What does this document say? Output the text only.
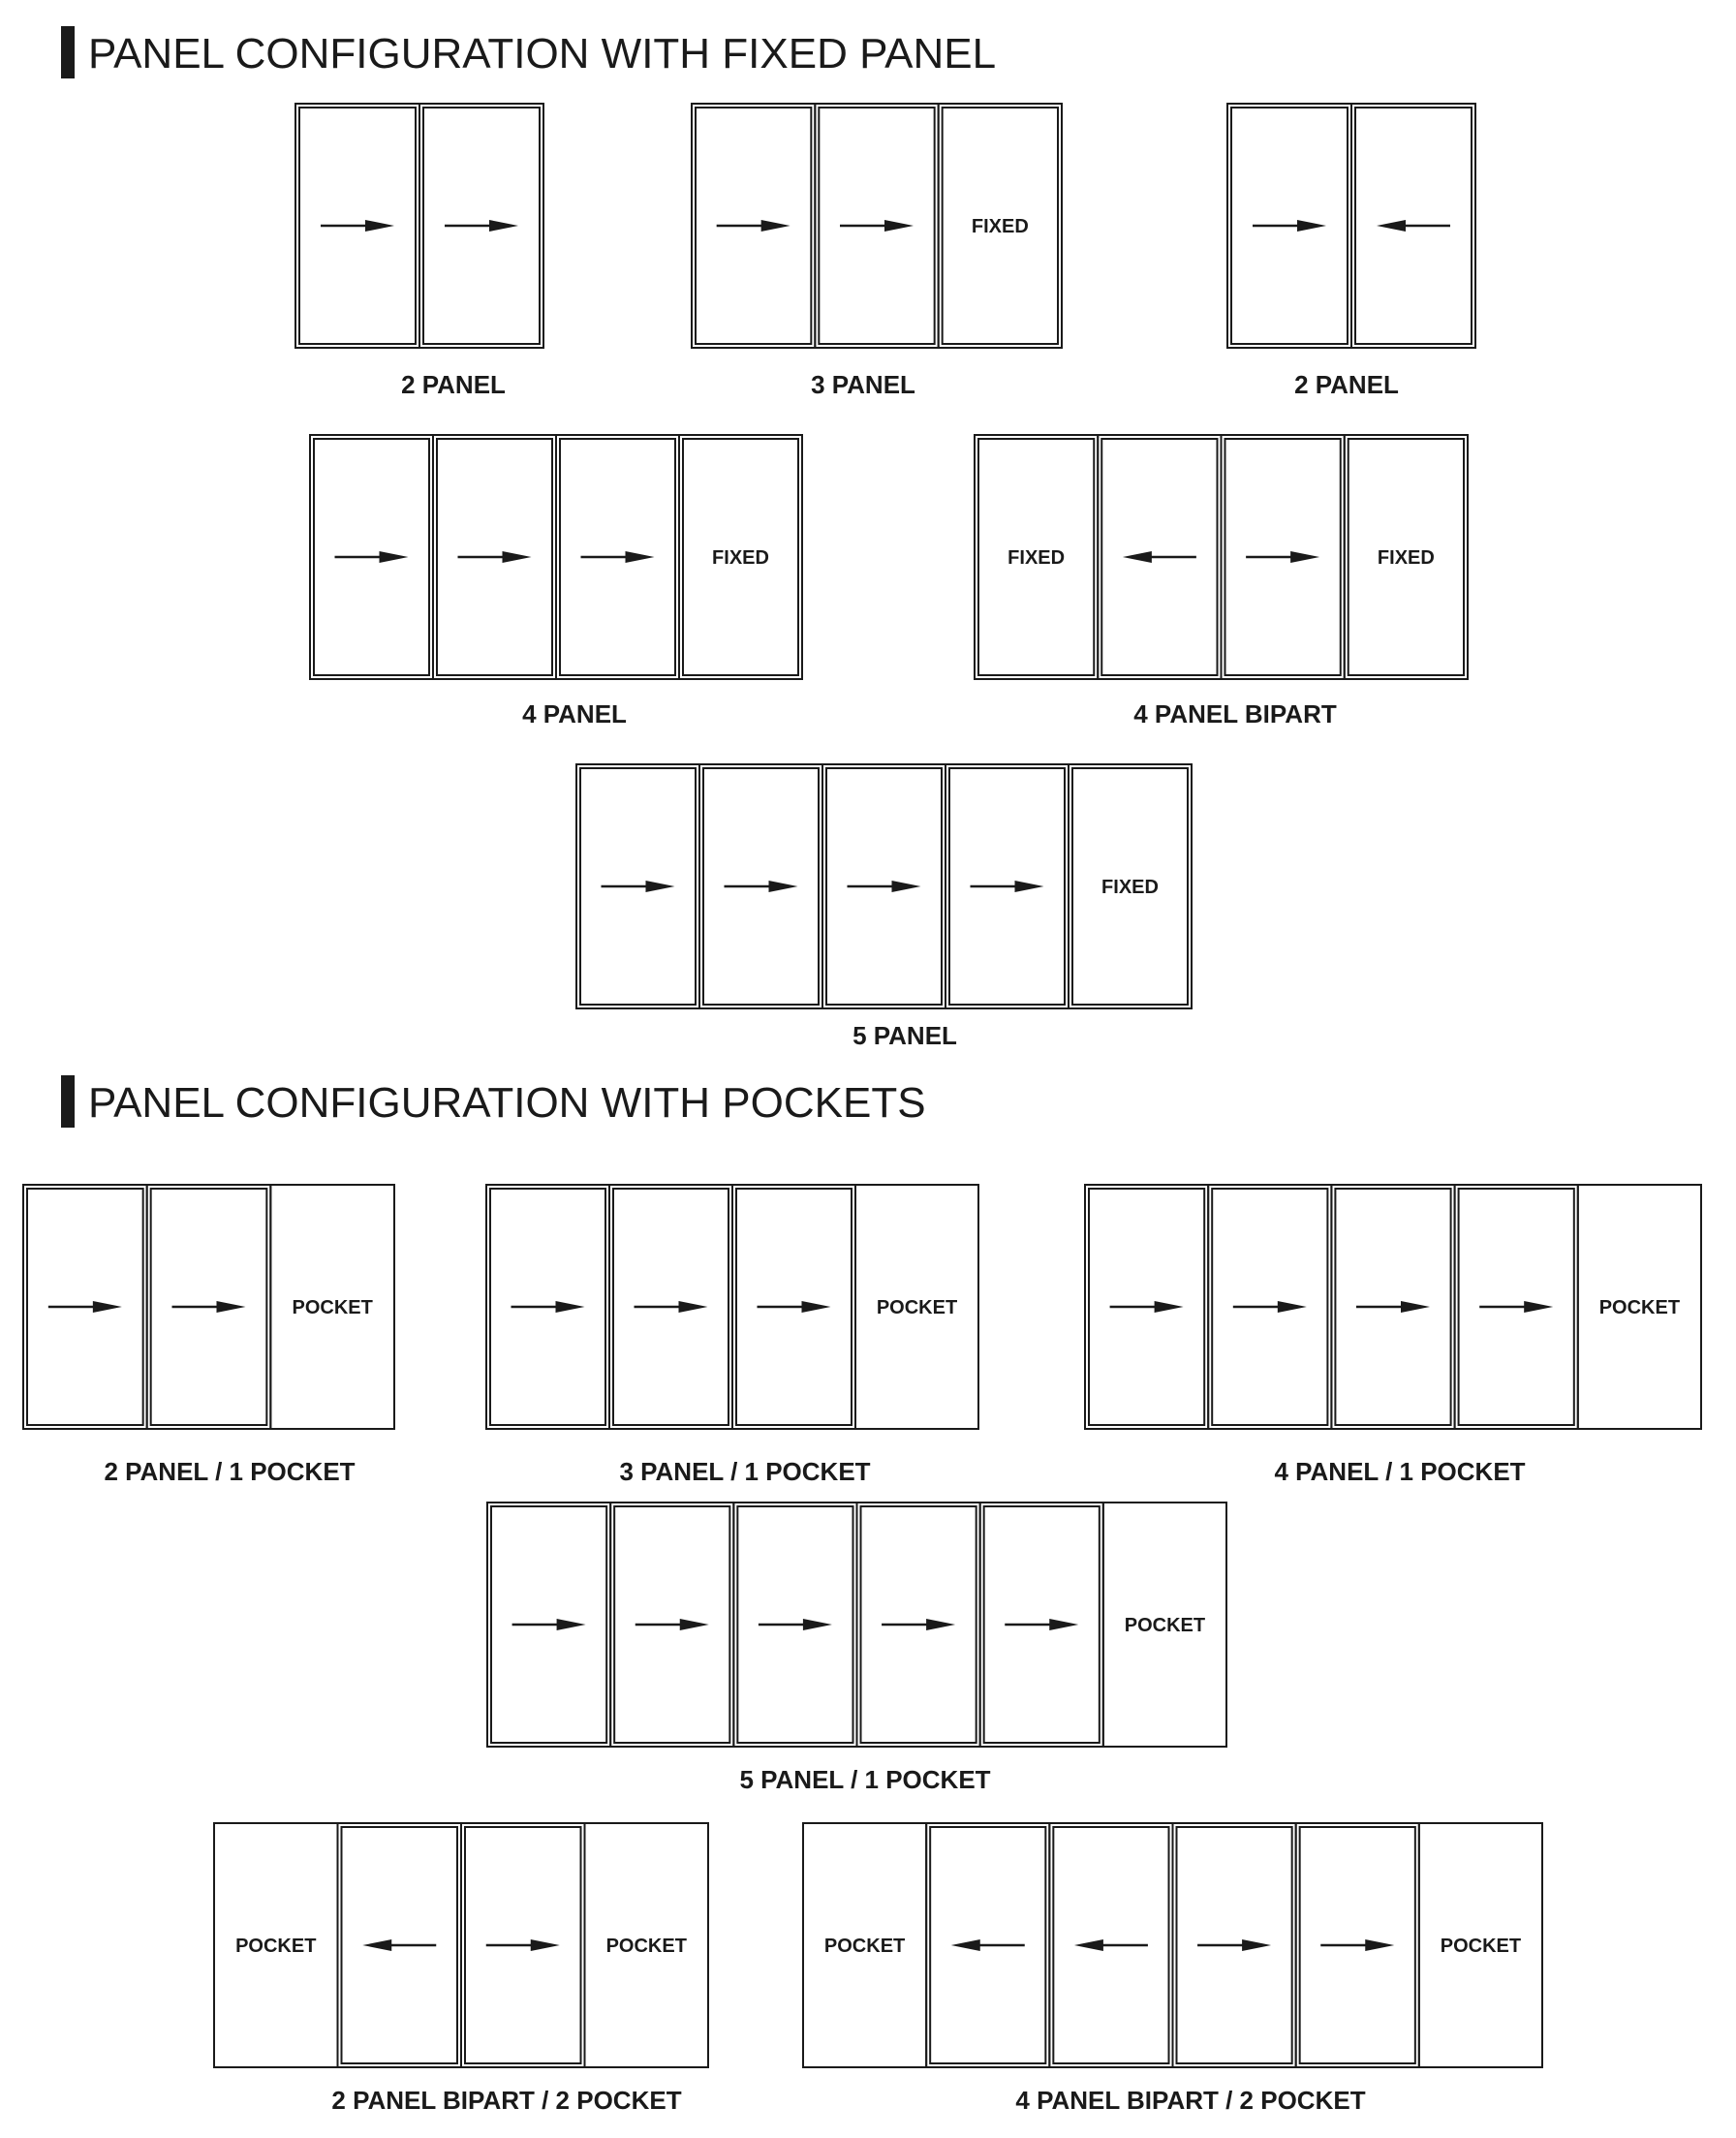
PANEL CONFIGURATION WITH FIXED PANEL
PANEL CONFIGURATION WITH POCKETS
2 PANEL
FIXED
3 PANEL	2 PANEL
FIXED
4 PANEL
FIXED	FIXED
4 PANEL BIPART
FIXED
5 PANEL
POCKET
2 PANEL / 1 POCKET
POCKET
3 PANEL / 1 POCKET
POCKET
4 PANEL / 1 POCKET
POCKET
5 PANEL / 1 POCKET
POCKET	POCKET
2 PANEL BIPART / 2 POCKET
POCKET	POCKET
4 PANEL BIPART / 2 POCKET
